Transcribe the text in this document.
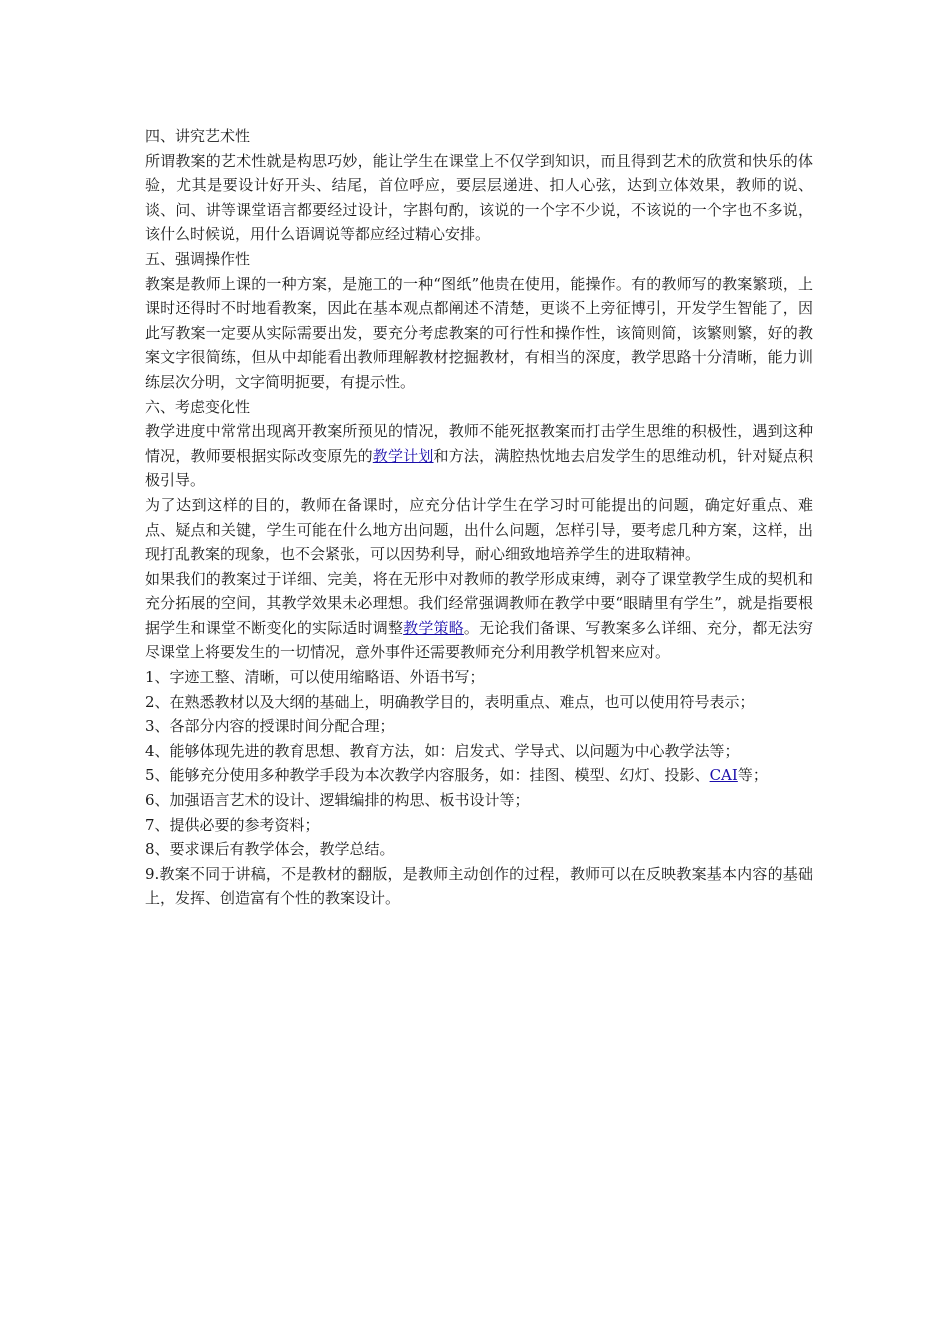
四、讲究艺术性

所谓教案的艺术性就是构思巧妙，能让学生在课堂上不仅学到知识，而且得到艺术的欣赏和快乐的体验，尤其是要设计好开头、结尾，首位呼应，要层层递进、扣人心弦，达到立体效果，教师的说、谈、问、讲等课堂语言都要经过设计，字斟句酌，该说的一个字不少说，不该说的一个字也不多说，该什么时候说，用什么语调说等都应经过精心安排。

五、强调操作性

教案是教师上课的一种方案，是施工的一种“图纸”他贵在使用，能操作。有的教师写的教案繁琐，上课时还得时不时地看教案，因此在基本观点都阐述不清楚，更谈不上旁征博引，开发学生智能了，因此写教案一定要从实际需要出发，要充分考虑教案的可行性和操作性，该简则简，该繁则繁，好的教案文字很简练，但从中却能看出教师理解教材挖掘教材，有相当的深度，教学思路十分清晰，能力训练层次分明，文字简明扼要，有提示性。

六、考虑变化性

教学进度中常常出现离开教案所预见的情况，教师不能死抠教案而打击学生思维的积极性，遇到这种情况，教师要根据实际改变原先的教学计划和方法，满腔热忱地去启发学生的思维动机，针对疑点积极引导。

为了达到这样的目的，教师在备课时，应充分估计学生在学习时可能提出的问题，确定好重点、难点、疑点和关键，学生可能在什么地方出问题，出什么问题，怎样引导，要考虑几种方案，这样，出现打乱教案的现象，也不会紧张，可以因势利导，耐心细致地培养学生的进取精神。

如果我们的教案过于详细、完美，将在无形中对教师的教学形成束缚，剥夺了课堂教学生成的契机和充分拓展的空间，其教学效果未必理想。我们经常强调教师在教学中要“眼睛里有学生”，就是指要根据学生和课堂不断变化的实际适时调整教学策略。无论我们备课、写教案多么详细、充分，都无法穷尽课堂上将要发生的一切情况，意外事件还需要教师充分利用教学机智来应对。

1、字迹工整、清晰，可以使用缩略语、外语书写；

2、在熟悉教材以及大纲的基础上，明确教学目的，表明重点、难点，也可以使用符号表示；

3、各部分内容的授课时间分配合理；

4、能够体现先进的教育思想、教育方法，如：启发式、学导式、以问题为中心教学法等；

5、能够充分使用多种教学手段为本次教学内容服务，如：挂图、模型、幻灯、投影、CAI等；

6、加强语言艺术的设计、逻辑编排的构思、板书设计等；

7、提供必要的参考资料；

8、要求课后有教学体会，教学总结。

9.教案不同于讲稿，不是教材的翻版，是教师主动创作的过程，教师可以在反映教案基本内容的基础上，发挥、创造富有个性的教案设计。
